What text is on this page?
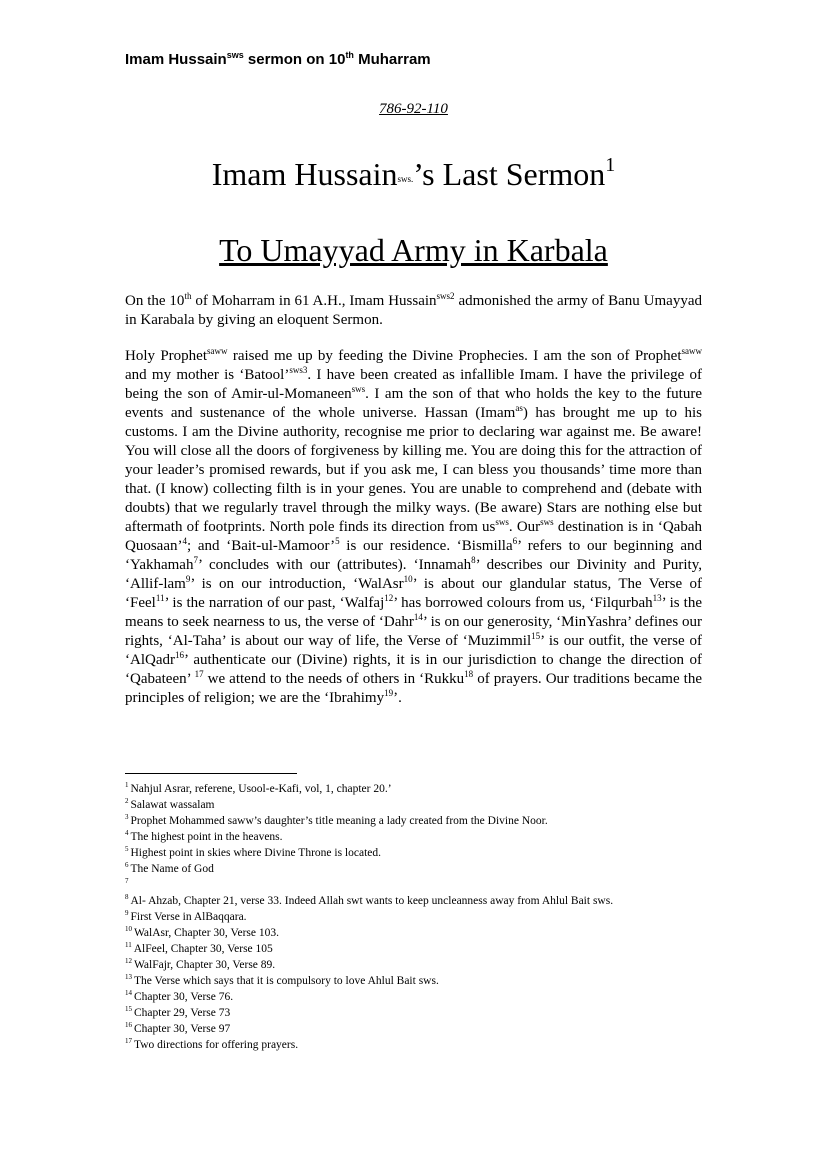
Imam Hussain$^{sws}$ sermon on 10th Muharram
786-92-110
Imam Hussainsws.’s Last Sermon$^1$
To Umayyad Army in Karbala
On the 10th of Moharram in 61 A.H., Imam Hussain$^{sws2}$ admonished the army of Banu Umayyad in Karabala by giving an eloquent Sermon.
Holy Prophet$^{saww}$ raised me up by feeding the Divine Prophecies. I am the son of Prophet$^{saww}$ and my mother is ‘Batool’$^{sws3}$. I have been created as infallible Imam. I have the privilege of being the son of Amir-ul-Momaneen$^{sws}$. I am the son of that who holds the key to the future events and sustenance of the whole universe. Hassan (Imam$^{as}$) has brought me up to his customs. I am the Divine authority, recognise me prior to declaring war against me. Be aware! You will close all the doors of forgiveness by killing me. You are doing this for the attraction of your leader’s promised rewards, but if you ask me, I can bless you thousands’ time more than that. (I know) collecting filth is in your genes. You are unable to comprehend and (debate with doubts) that we regularly travel through the milky ways. (Be aware) Stars are nothing else but aftermath of footprints. North pole finds its direction from $us^{sws}$. Our$^{sws}$ destination is in ‘Qabah Quosaan’$^4$; and ‘Bait-ul-Mamoor’$^5$ is our residence. ‘Bismilla$^6$’ refers to our beginning and ‘Yakhamah$^7$’ concludes with our (attributes). ‘Innamah$^8$’ describes our Divinity and Purity, ‘Allif-lam$^9$’ is on our introduction, ‘WalAsr$^{10}$’ is about our glandular status, The Verse of ‘Feel$^{11}$’ is the narration of our past, ‘Walfaj$^{12}$’ has borrowed colours from us, ‘Filqurbah$^{13}$’ is the means to seek nearness to us, the verse of ‘Dahr$^{14}$’ is on our generosity, ‘MinYashra’ defines our rights, ‘Al-Taha’ is about our way of life, the Verse of ‘Muzimmil$^{15}$’ is our outfit, the verse of ‘AlQadr$^{16}$’ authenticate our (Divine) rights, it is in our jurisdiction to change the direction of ‘Qabateen’ $^{17}$ we attend to the needs of others in ‘Rukku$^{18}$ of prayers. Our traditions became the principles of religion; we are the ‘Ibrahimy$^{19}$’.
$^1$ Nahjul Asrar, referene, Usool-e-Kafi, vol, 1, chapter 20.’
$^2$ Salawat wassalam
$^3$ Prophet Mohammed saww’s daughter’s title meaning a lady created from the Divine Noor.
$^4$ The highest point in the heavens.
$^5$ Highest point in skies where Divine Throne is located.
$^6$ The Name of God
$^7$
$^8$ Al- Ahzab, Chapter 21, verse 33. Indeed Allah swt wants to keep uncleanness away from Ahlul Bait sws.
$^9$ First Verse in AlBaqqara.
$^{10}$ WalAsr, Chapter 30, Verse 103.
$^{11}$ AlFeel, Chapter 30, Verse 105
$^{12}$ WalFajr, Chapter 30, Verse 89.
$^{13}$ The Verse which says that it is compulsory to love Ahlul Bait sws.
$^{14}$ Chapter 30, Verse 76.
$^{15}$ Chapter 29, Verse 73
$^{16}$ Chapter 30, Verse 97
$^{17}$ Two directions for offering prayers.
